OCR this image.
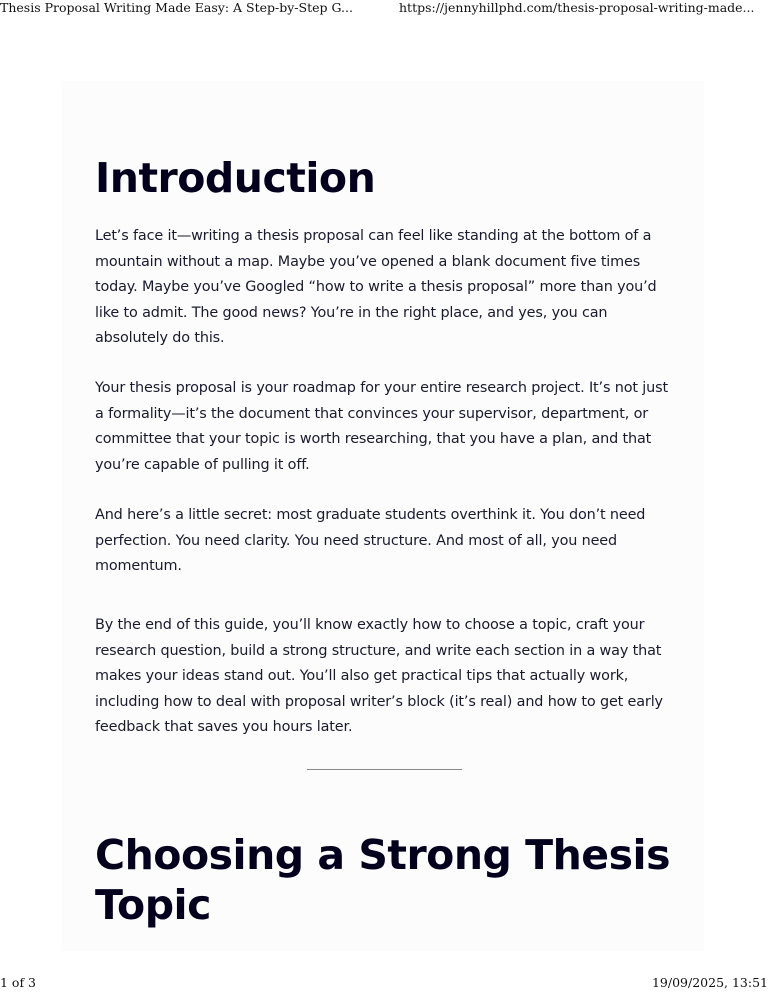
Thesis Proposal Writing Made Easy: A Step-by-Step G...	https://jennyhillphd.com/thesis-proposal-writing-made...
Introduction

Let’s face it—writing a thesis proposal can feel like standing at the bottom of a mountain without a map. Maybe you’ve opened a blank document five times today. Maybe you’ve Googled “how to write a thesis proposal” more than you’d like to admit. The good news? You’re in the right place, and yes, you can absolutely do this.

Your thesis proposal is your roadmap for your entire research project. It’s not just a formality—it’s the document that convinces your supervisor, department, or committee that your topic is worth researching, that you have a plan, and that you’re capable of pulling it off.

And here’s a little secret: most graduate students overthink it. You don’t need perfection. You need clarity. You need structure. And most of all, you need momentum.

By the end of this guide, you’ll know exactly how to choose a topic, craft your research question, build a strong structure, and write each section in a way that makes your ideas stand out. You’ll also get practical tips that actually work, including how to deal with proposal writer’s block (it’s real) and how to get early feedback that saves you hours later.

Choosing a Strong Thesis Topic
1 of 3	19/09/2025, 13:51
